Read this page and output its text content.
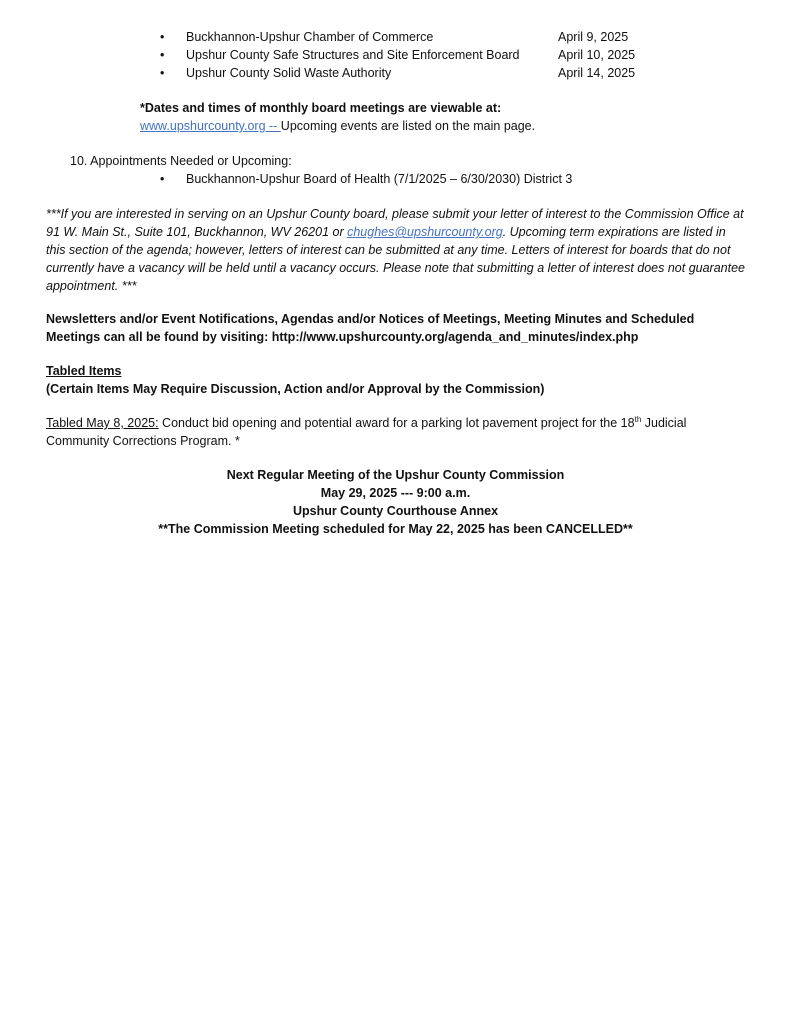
•	Buckhannon-Upshur Chamber of Commerce	April 9, 2025
•	Upshur County Safe Structures and Site Enforcement Board	April 10, 2025
•	Upshur County Solid Waste Authority	April 14, 2025
*Dates and times of monthly board meetings are viewable at:
www.upshurcounty.org -- Upcoming events are listed on the main page.
10. Appointments Needed or Upcoming:
•	Buckhannon-Upshur Board of Health (7/1/2025 – 6/30/2030) District 3
***If you are interested in serving on an Upshur County board, please submit your letter of interest to the Commission Office at 91 W. Main St., Suite 101, Buckhannon, WV 26201 or chughes@upshurcounty.org. Upcoming term expirations are listed in this section of the agenda; however, letters of interest can be submitted at any time. Letters of interest for boards that do not currently have a vacancy will be held until a vacancy occurs. Please note that submitting a letter of interest does not guarantee appointment. ***
Newsletters and/or Event Notifications, Agendas and/or Notices of Meetings, Meeting Minutes and Scheduled Meetings can all be found by visiting: http://www.upshurcounty.org/agenda_and_minutes/index.php
Tabled Items
(Certain Items May Require Discussion, Action and/or Approval by the Commission)
Tabled May 8, 2025: Conduct bid opening and potential award for a parking lot pavement project for the 18th Judicial Community Corrections Program. *
Next Regular Meeting of the Upshur County Commission
May 29, 2025 --- 9:00 a.m.
Upshur County Courthouse Annex
**The Commission Meeting scheduled for May 22, 2025 has been CANCELLED**
